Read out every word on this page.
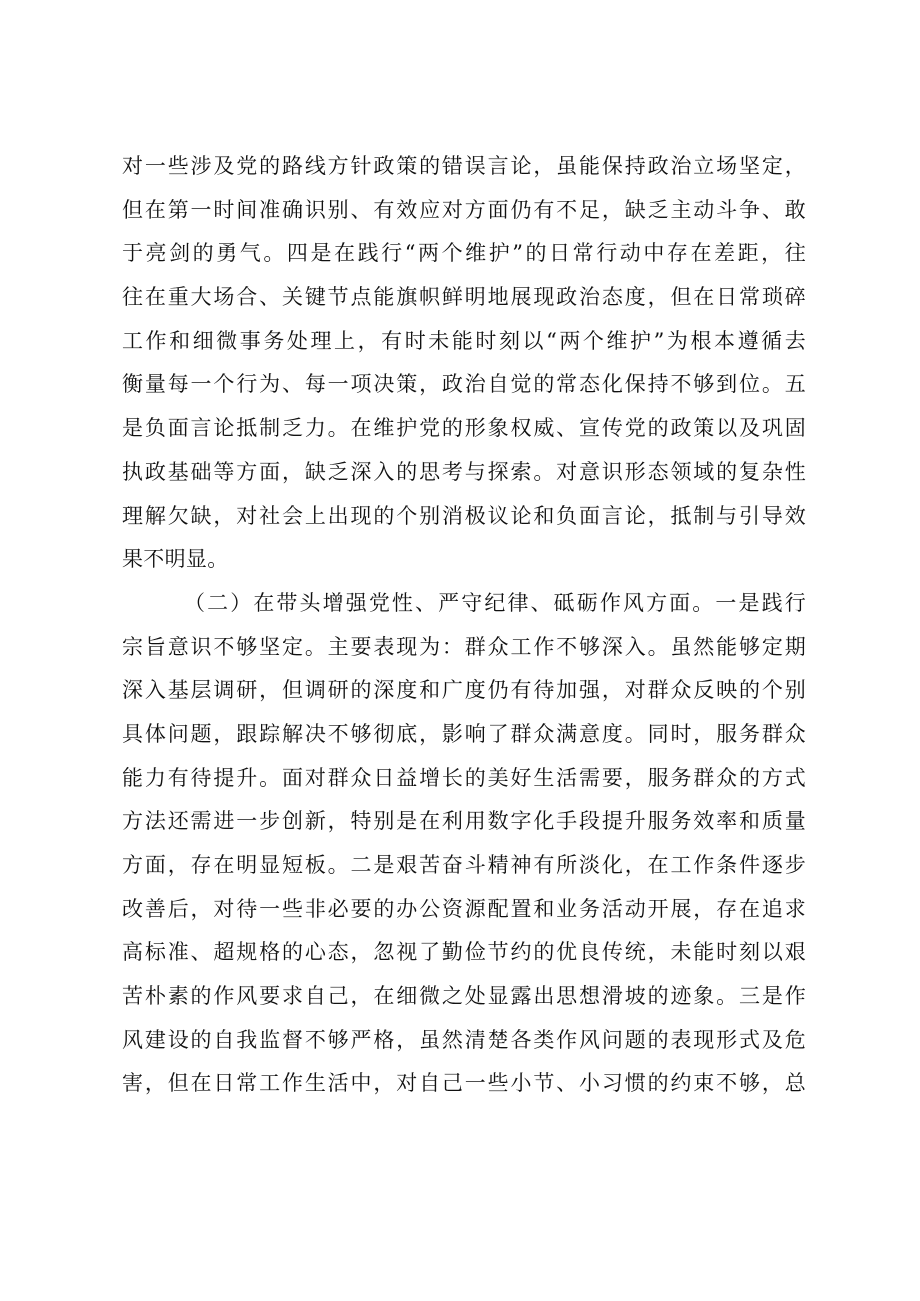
对一些涉及党的路线方针政策的错误言论，虽能保持政治立场坚定，
但在第一时间准确识别、有效应对方面仍有不足，缺乏主动斗争、敢
于亮剑的勇气。四是在践行“两个维护”的日常行动中存在差距，往
往在重大场合、关键节点能旗帜鲜明地展现政治态度，但在日常琐碎
工作和细微事务处理上，有时未能时刻以“两个维护”为根本遵循去
衡量每一个行为、每一项决策，政治自觉的常态化保持不够到位。五
是负面言论抵制乏力。在维护党的形象权威、宣传党的政策以及巩固
执政基础等方面，缺乏深入的思考与探索。对意识形态领域的复杂性
理解欠缺，对社会上出现的个别消极议论和负面言论，抵制与引导效
果不明显。
（二）在带头增强党性、严守纪律、砥砺作风方面。一是践行
宗旨意识不够坚定。主要表现为：群众工作不够深入。虽然能够定期
深入基层调研，但调研的深度和广度仍有待加强，对群众反映的个别
具体问题，跟踪解决不够彻底，影响了群众满意度。同时，服务群众
能力有待提升。面对群众日益增长的美好生活需要，服务群众的方式
方法还需进一步创新，特别是在利用数字化手段提升服务效率和质量
方面，存在明显短板。二是艰苦奋斗精神有所淡化，在工作条件逐步
改善后，对待一些非必要的办公资源配置和业务活动开展，存在追求
高标准、超规格的心态，忽视了勤俭节约的优良传统，未能时刻以艰
苦朴素的作风要求自己，在细微之处显露出思想滑坡的迹象。三是作
风建设的自我监督不够严格，虽然清楚各类作风问题的表现形式及危
害，但在日常工作生活中，对自己一些小节、小习惯的约束不够，总
